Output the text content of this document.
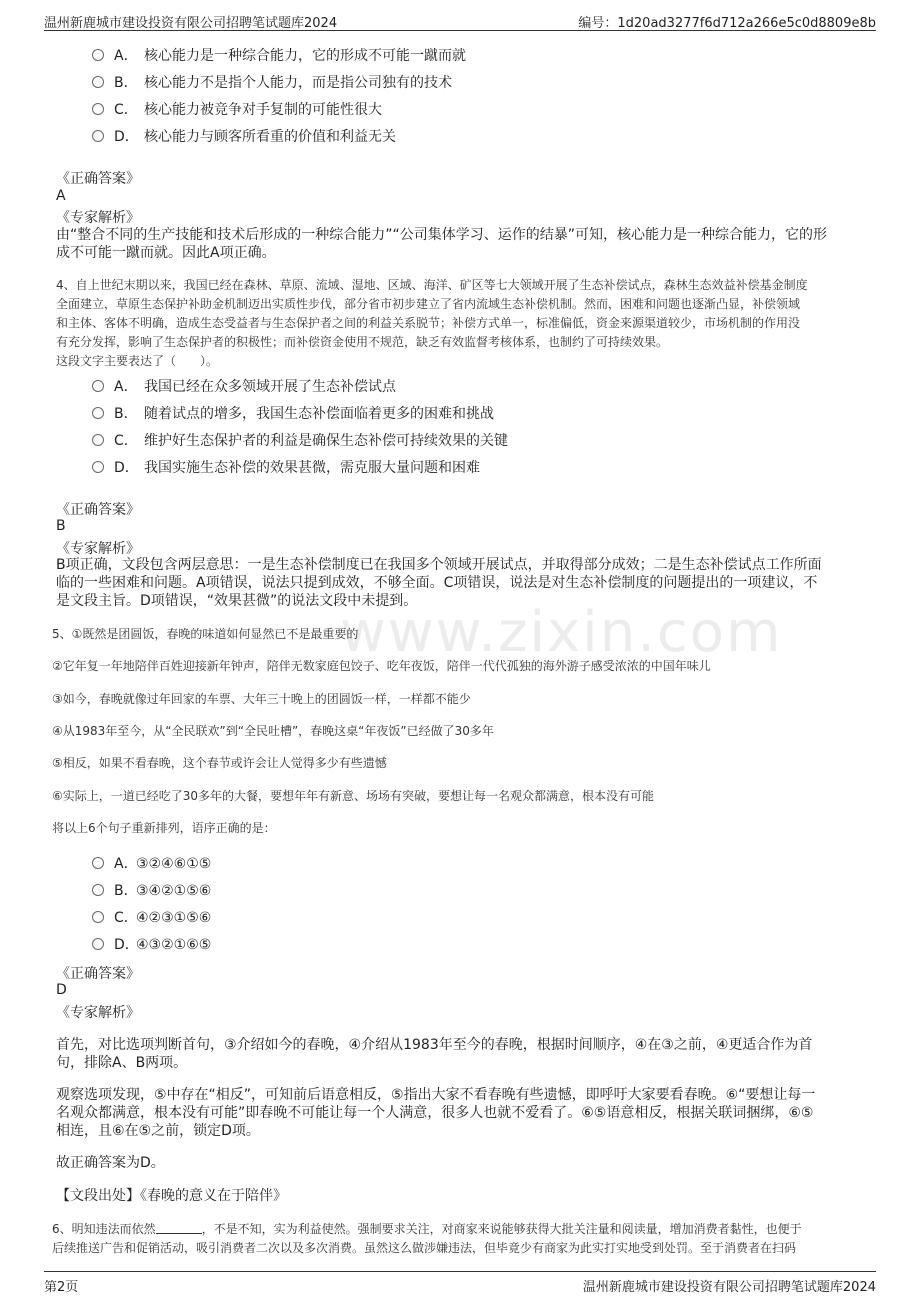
温州新鹿城市建设投资有限公司招聘笔试题库2024	编号：1d20ad3277f6d712a266e5c0d8809e8b
www.zixin.com
A． 核心能力是一种综合能力，它的形成不可能一蹴而就
B． 核心能力不是指个人能力，而是指公司独有的技术
C． 核心能力被竞争对手复制的可能性很大
D． 核心能力与顾客所看重的价值和利益无关
《正确答案》
A
《专家解析》
由“整合不同的生产技能和技术后形成的一种综合能力”“公司集体学习、运作的结暴”可知，核心能力是一种综合能力，它的形
成不可能一蹴而就。因此A项正确。
4、自上世纪末期以来，我国已经在森林、草原、流域、湿地、区域、海洋、矿区等七大领域开展了生态补偿试点，森林生态效益补偿基金制度
全面建立，草原生态保护补助金机制迈出实质性步伐，部分省市初步建立了省内流域生态补偿机制。然而，困难和问题也逐渐凸显，补偿领域
和主体、客体不明确，造成生态受益者与生态保护者之间的利益关系脱节；补偿方式单一，标准偏低，资金来源渠道较少，市场机制的作用没
有充分发挥，影响了生态保护者的积极性；而补偿资金使用不规范，缺乏有效监督考核体系，也制约了可持续效果。
这段文字主要表达了（　　）。
A． 我国已经在众多领域开展了生态补偿试点
B． 随着试点的增多，我国生态补偿面临着更多的困难和挑战
C． 维护好生态保护者的利益是确保生态补偿可持续效果的关键
D． 我国实施生态补偿的效果甚微，需克服大量问题和困难
《正确答案》
B
《专家解析》
B项正确，文段包含两层意思：一是生态补偿制度已在我国多个领域开展试点，并取得部分成效；二是生态补偿试点工作所面
临的一些困难和问题。A项错误，说法只提到成效，不够全面。C项错误，说法是对生态补偿制度的问题提出的一项建议，不
是文段主旨。D项错误，“效果甚微”的说法文段中未提到。
5、①既然是团圆饭，春晚的味道如何显然已不是最重要的
②它年复一年地陪伴百姓迎接新年钟声，陪伴无数家庭包饺子、吃年夜饭，陪伴一代代孤独的海外游子感受浓浓的中国年味儿
③如今，春晚就像过年回家的车票、大年三十晚上的团圆饭一样，一样都不能少
④从1983年至今，从“全民联欢”到“全民吐槽”，春晚这桌“年夜饭”已经做了30多年
⑤相反，如果不看春晚，这个春节或许会让人觉得多少有些遗憾
⑥实际上，一道已经吃了30多年的大餐，要想年年有新意、场场有突破，要想让每一名观众都满意，根本没有可能
将以上6个句子重新排列，语序正确的是：
A．③②④⑥①⑤
B．③④②①⑤⑥
C．④②③①⑤⑥
D．④③②①⑥⑤
《正确答案》
D
《专家解析》
首先，对比选项判断首句，③介绍如今的春晚，④介绍从1983年至今的春晚，根据时间顺序，④在③之前，④更适合作为首
句，排除A、B两项。
观察选项发现，⑤中存在“相反”，可知前后语意相反，⑤指出大家不看春晚有些遗憾，即呼吁大家要看春晚。⑥“要想让每一
名观众都满意，根本没有可能”即春晚不可能让每一个人满意，很多人也就不爱看了。⑥⑤语意相反，根据关联词捆绑，⑥⑤
相连，且⑥在⑤之前，锁定D项。
故正确答案为D。
【文段出处】《春晚的意义在于陪伴》
6、明知违法而依然	，不是不知，实为利益使然。强制要求关注，对商家来说能够获得大批关注量和阅读量，增加消费者黏性，也便于
后续推送广告和促销活动，吸引消费者二次以及多次消费。虽然这么做涉嫌违法，但毕竟少有商家为此实打实地受到处罚。至于消费者在扫码
第2页	温州新鹿城市建设投资有限公司招聘笔试题库2024
